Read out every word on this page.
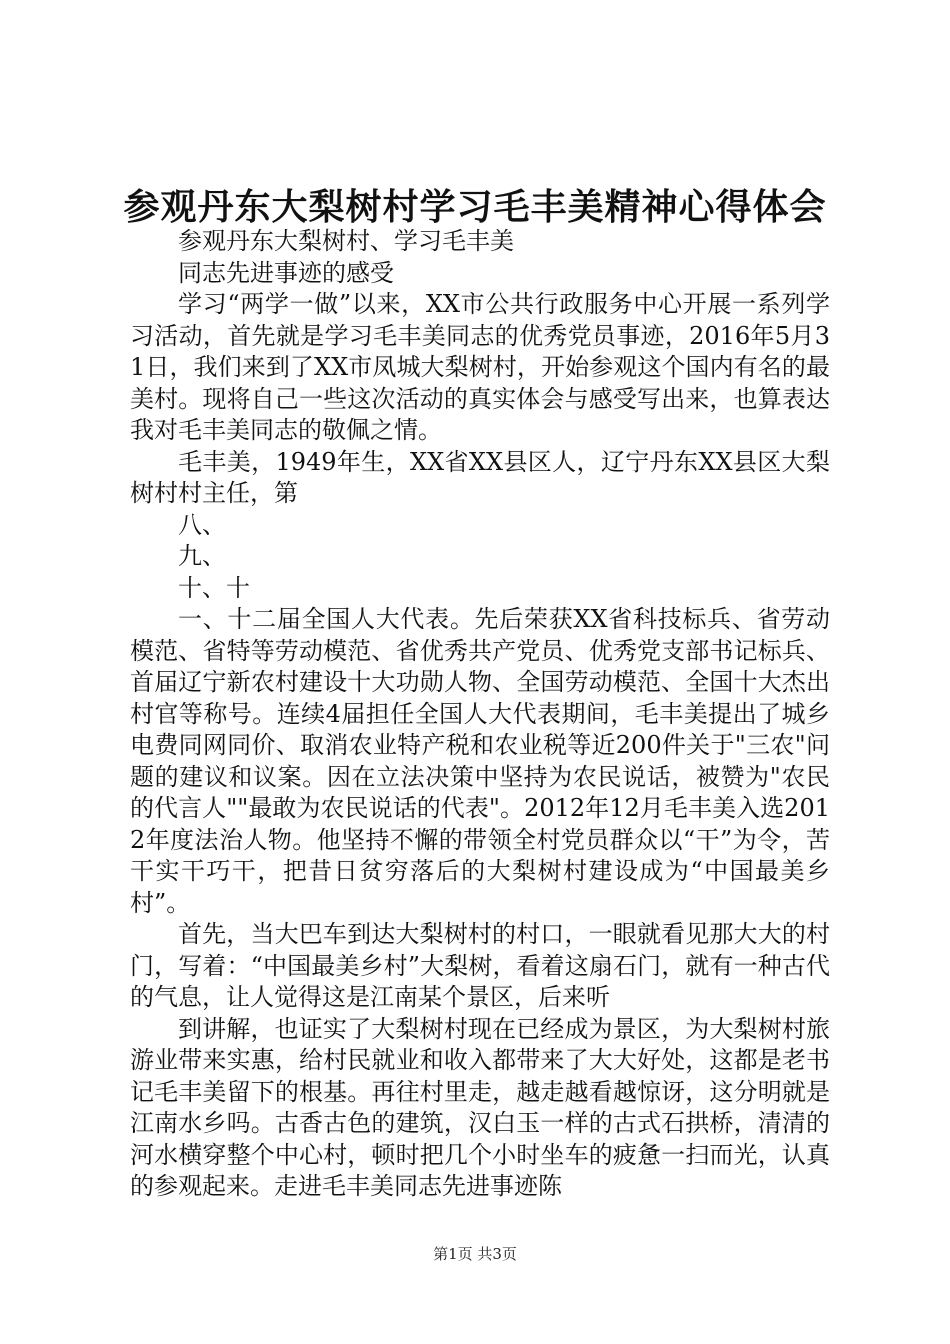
参观丹东大梨树村学习毛丰美精神心得体会

参观丹东大梨树村、学习毛丰美

同志先进事迹的感受

学习“两学一做”以来，XX市公共行政服务中心开展一系列学习活动，首先就是学习毛丰美同志的优秀党员事迹，2016年5月31日，我们来到了XX市凤城大梨树村，开始参观这个国内有名的最美村。现将自己一些这次活动的真实体会与感受写出来，也算表达我对毛丰美同志的敬佩之情。

毛丰美，1949年生，XX省XX县区人，辽宁丹东XX县区大梨树村村主任，第

八、

九、

十、十

一、十二届全国人大代表。先后荣获XX省科技标兵、省劳动模范、省特等劳动模范、省优秀共产党员、优秀党支部书记标兵、首届辽宁新农村建设十大功勋人物、全国劳动模范、全国十大杰出村官等称号。连续4届担任全国人大代表期间，毛丰美提出了城乡电费同网同价、取消农业特产税和农业税等近200件关于"三农"问题的建议和议案。因在立法决策中坚持为农民说话，被赞为"农民的代言人""最敢为农民说话的代表"。2012年12月毛丰美入选2012年度法治人物。他坚持不懈的带领全村党员群众以“干”为令，苦干实干巧干，把昔日贫穷落后的大梨树村建设成为“中国最美乡村”。

首先，当大巴车到达大梨树村的村口，一眼就看见那大大的村门，写着：“中国最美乡村”大梨树，看着这扇石门，就有一种古代的气息，让人觉得这是江南某个景区，后来听

到讲解，也证实了大梨树村现在已经成为景区，为大梨树村旅游业带来实惠，给村民就业和收入都带来了大大好处，这都是老书记毛丰美留下的根基。再往村里走，越走越看越惊讶，这分明就是江南水乡吗。古香古色的建筑，汉白玉一样的古式石拱桥，清清的河水横穿整个中心村，顿时把几个小时坐车的疲惫一扫而光，认真的参观起来。走进毛丰美同志先进事迹陈

第1页 共3页
